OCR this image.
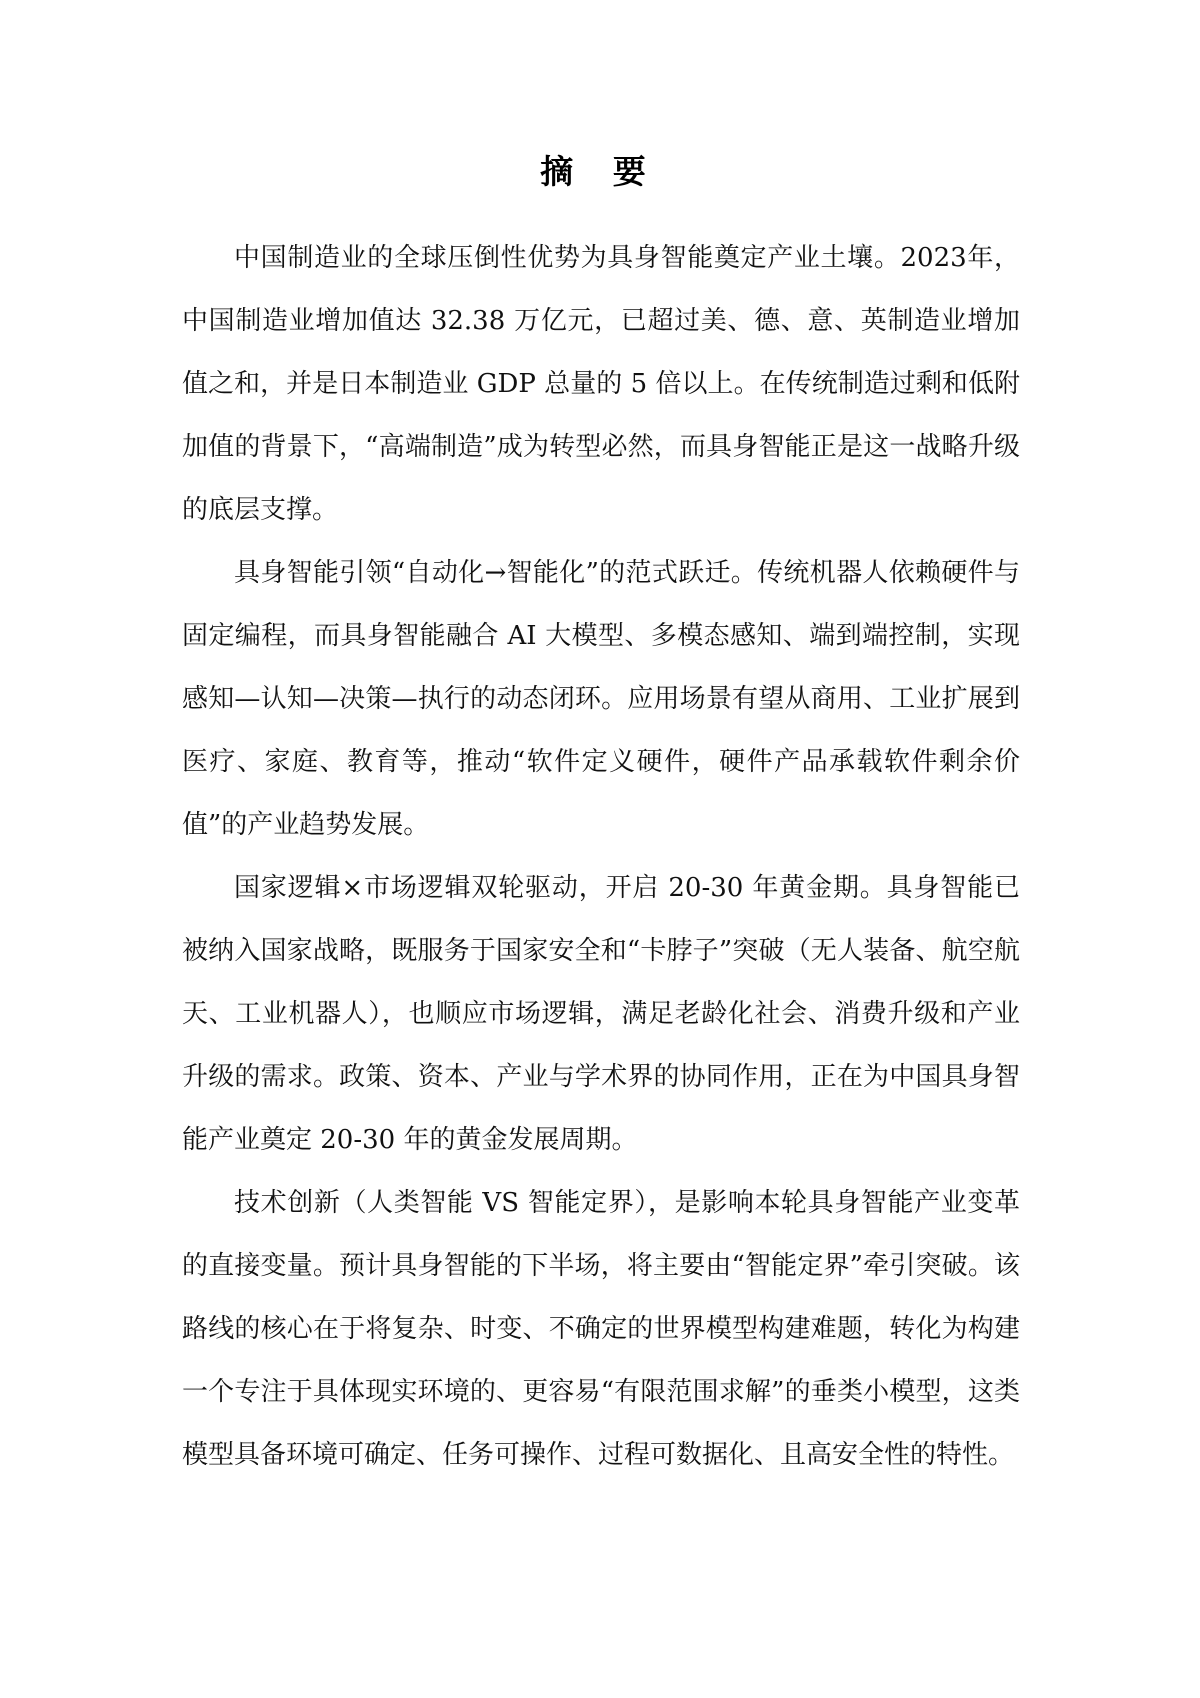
摘 要

中国制造业的全球压倒性优势为具身智能奠定产业土壤。2023年，中国制造业增加值达 32.38 万亿元，已超过美、德、意、英制造业增加值之和，并是日本制造业 GDP 总量的 5 倍以上。在传统制造过剩和低附加值的背景下，“高端制造”成为转型必然，而具身智能正是这一战略升级的底层支撑。

具身智能引领“自动化→智能化”的范式跃迁。传统机器人依赖硬件与固定编程，而具身智能融合 AI 大模型、多模态感知、端到端控制，实现感知—认知—决策—执行的动态闭环。应用场景有望从商用、工业扩展到医疗、家庭、教育等，推动“软件定义硬件，硬件产品承载软件剩余价值”的产业趋势发展。

国家逻辑×市场逻辑双轮驱动，开启 20-30 年黄金期。具身智能已被纳入国家战略，既服务于国家安全和“卡脖子”突破（无人装备、航空航天、工业机器人），也顺应市场逻辑，满足老龄化社会、消费升级和产业升级的需求。政策、资本、产业与学术界的协同作用，正在为中国具身智能产业奠定 20-30 年的黄金发展周期。

技术创新（人类智能 VS 智能定界），是影响本轮具身智能产业变革的直接变量。预计具身智能的下半场，将主要由“智能定界”牵引突破。该路线的核心在于将复杂、时变、不确定的世界模型构建难题，转化为构建一个专注于具体现实环境的、更容易“有限范围求解”的垂类小模型，这类模型具备环境可确定、任务可操作、过程可数据化、且高安全性的特性。
